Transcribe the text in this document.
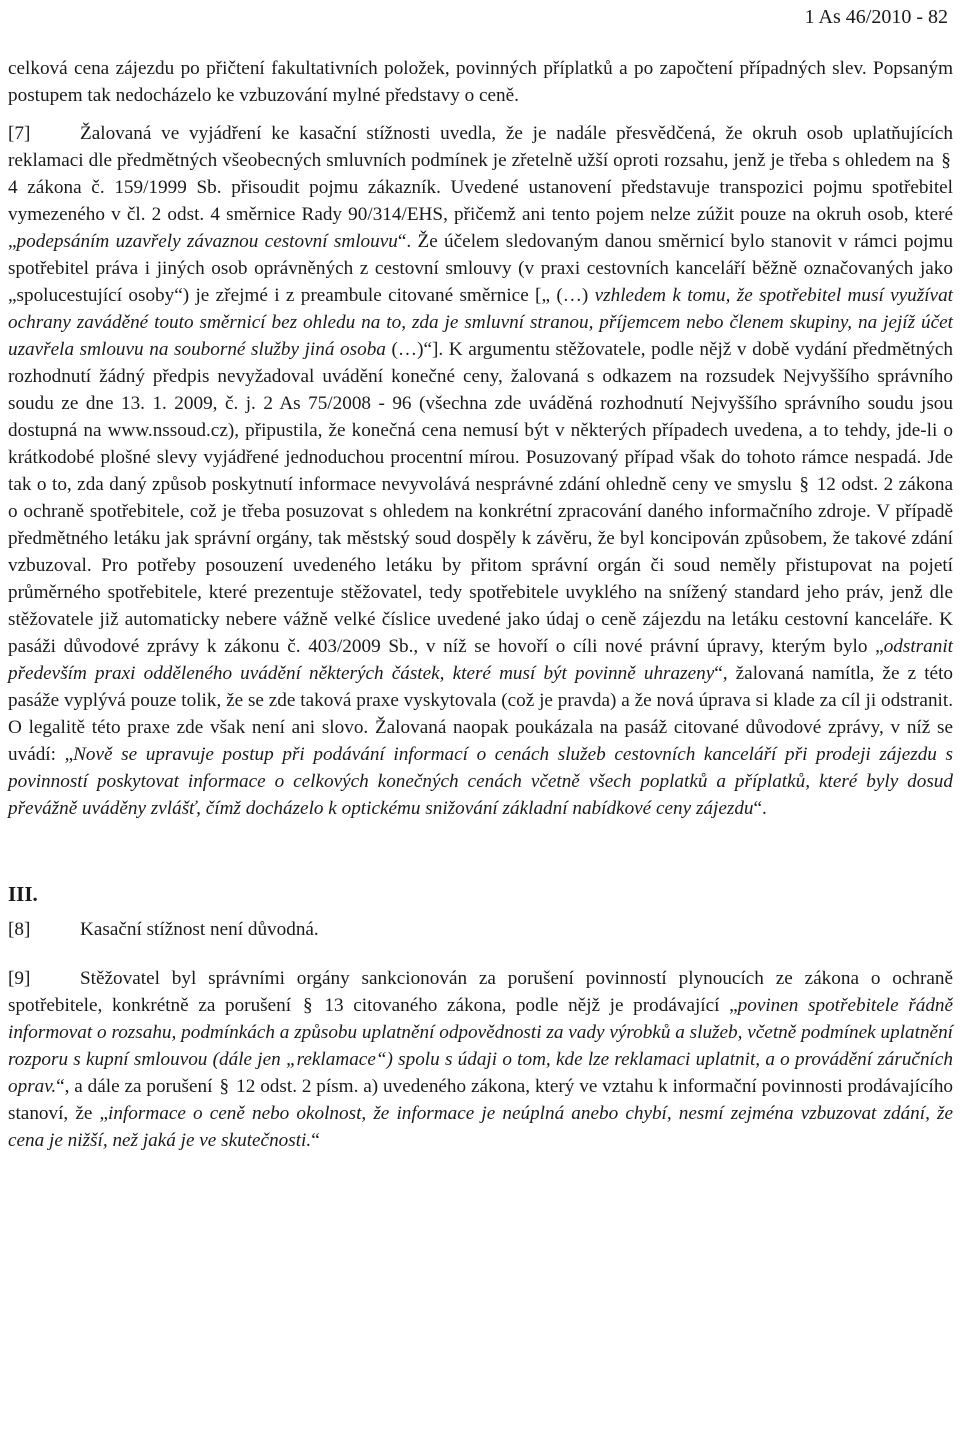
1 As 46/2010 - 82

celková cena zájezdu po přičtení fakultativních položek, povinných příplatků a po započtení případných slev. Popsaným postupem tak nedocházelo ke vzbuzování mylné představy o ceně.

[7]	Žalovaná ve vyjádření ke kasační stížnosti uvedla, že je nadále přesvědčená, že okruh osob uplatňujících reklamaci dle předmětných všeobecných smluvních podmínek je zřetelně užší oproti rozsahu, jenž je třeba s ohledem na § 4 zákona č. 159/1999 Sb. přisoudit pojmu zákazník. Uvedené ustanovení představuje transpozici pojmu spotřebitel vymezeného v čl. 2 odst. 4 směrnice Rady 90/314/EHS, přičemž ani tento pojem nelze zúžit pouze na okruh osob, které „podepsáním uzavřely závaznou cestovní smlouvu“. Že účelem sledovaným danou směrnicí bylo stanovit v rámci pojmu spotřebitel práva i jiných osob oprávněných z cestovní smlouvy (v praxi cestovních kanceláří běžně označovaných jako „spolucestující osoby“) je zřejmé i z preambule citované směrnice [„ (…) vzhledem k tomu, že spotřebitel musí využívat ochrany zaváděné touto směrnicí bez ohledu na to, zda je smluvní stranou, příjemcem nebo členem skupiny, na jejíž účet uzavřela smlouvu na souborné služby jiná osoba (…)“]. K argumentu stěžovatele, podle nějž v době vydání předmětných rozhodnutí žádný předpis nevyžadoval uvádění konečné ceny, žalovaná s odkazem na rozsudek Nejvyššího správního soudu ze dne 13. 1. 2009, č. j. 2 As 75/2008 - 96 (všechna zde uváděná rozhodnutí Nejvyššího správního soudu jsou dostupná na www.nssoud.cz), připustila, že konečná cena nemusí být v některých případech uvedena, a to tehdy, jde-li o krátkodobé plošné slevy vyjádřené jednoduchou procentní mírou. Posuzovaný případ však do tohoto rámce nespadá. Jde tak o to, zda daný způsob poskytnutí informace nevyvolává nesprávné zdání ohledně ceny ve smyslu § 12 odst. 2 zákona o ochraně spotřebitele, což je třeba posuzovat s ohledem na konkrétní zpracování daného informačního zdroje. V případě předmětného letáku jak správní orgány, tak městský soud dospěly k závěru, že byl koncipován způsobem, že takové zdání vzbuzoval. Pro potřeby posouzení uvedeného letáku by přitom správní orgán či soud neměly přistupovat na pojetí průměrného spotřebitele, které prezentuje stěžovatel, tedy spotřebitele uvyklého na snížený standard jeho práv, jenž dle stěžovatele již automaticky nebere vážně velké číslice uvedené jako údaj o ceně zájezdu na letáku cestovní kanceláře. K pasáži důvodové zprávy k zákonu č. 403/2009 Sb., v níž se hovoří o cíli nové právní úpravy, kterým bylo „odstranit především praxi odděleného uvádění některých částek, které musí být povinně uhrazeny“, žalovaná namítla, že z této pasáže vyplývá pouze tolik, že se zde taková praxe vyskytovala (což je pravda) a že nová úprava si klade za cíl ji odstranit. O legalitě této praxe zde však není ani slovo. Žalovaná naopak poukázala na pasáž citované důvodové zprávy, v níž se uvádí: „Nově se upravuje postup při podávání informací o cenách služeb cestovních kanceláří při prodeji zájezdu s povinností poskytovat informace o celkových konečných cenách včetně všech poplatků a příplatků, které byly dosud převážně uváděny zvlášť, čímž docházelo k optickému snižování základní nabídkové ceny zájezdu“.

III.

[8]	Kasační stížnost není důvodná.

[9]	Stěžovatel byl správními orgány sankcionován za porušení povinností plynoucích ze zákona o ochraně spotřebitele, konkrétně za porušení § 13 citovaného zákona, podle nějž je prodávající „povinen spotřebitele řádně informovat o rozsahu, podmínkách a způsobu uplatnění odpovědnosti za vady výrobků a služeb, včetně podmínek uplatnění rozporu s kupní smlouvou (dále jen „reklamace“) spolu s údaji o tom, kde lze reklamaci uplatnit, a o provádění záručních oprav.“, a dále za porušení § 12 odst. 2 písm. a) uvedeného zákona, který ve vztahu k informační povinnosti prodávajícího stanoví, že „informace o ceně nebo okolnost, že informace je neúplná anebo chybí, nesmí zejména vzbuzovat zdání, že cena je nižší, než jaká je ve skutečnosti.“
